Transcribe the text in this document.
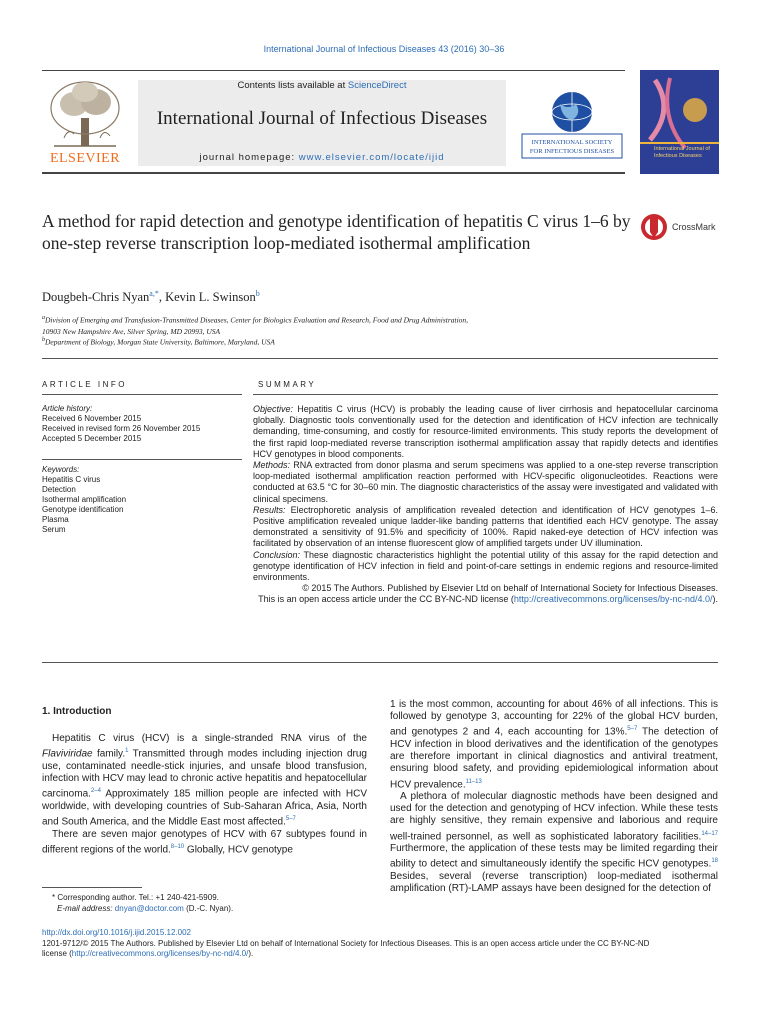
International Journal of Infectious Diseases 43 (2016) 30–36
ELSEVIER
Contents lists available at ScienceDirect
International Journal of Infectious Diseases
journal homepage: www.elsevier.com/locate/ijid
INTERNATIONAL SOCIETY
FOR INFECTIOUS DISEASES	International Journal of Infectious Diseases
A method for rapid detection and genotype identification of hepatitis C virus 1–6 by one-step reverse transcription loop-mediated isothermal amplification
CrossMark
Dougbeh-Chris Nyan$^{a,*}$, Kevin L. Swinson$^b$
$^a$Division of Emerging and Transfusion-Transmitted Diseases, Center for Biologics Evaluation and Research, Food and Drug Administration,
10903 New Hampshire Ave, Silver Spring, MD 20993, USA
$^b$Department of Biology, Morgan State University, Baltimore, Maryland, USA
ARTICLE INFO
Article history:
Received 6 November 2015
Received in revised form 26 November 2015
Accepted 5 December 2015
Keywords:
Hepatitis C virus
Detection
Isothermal amplification
Genotype identification
Plasma
Serum
SUMMARY

Objective: Hepatitis C virus (HCV) is probably the leading cause of liver cirrhosis and hepatocellular carcinoma globally. Diagnostic tools conventionally used for the detection and identification of HCV infection are technically demanding, time-consuming, and costly for resource-limited environments. This study reports the development of the first rapid loop-mediated reverse transcription isothermal amplification assay that rapidly detects and identifies HCV genotypes in blood components.

Methods: RNA extracted from donor plasma and serum specimens was applied to a one-step reverse transcription loop-mediated isothermal amplification reaction performed with HCV-specific oligonucleotides. Reactions were conducted at 63.5 °C for 30–60 min. The diagnostic characteristics of the assay were investigated and validated with clinical specimens.

Results: Electrophoretic analysis of amplification revealed detection and identification of HCV genotypes 1–6. Positive amplification revealed unique ladder-like banding patterns that identified each HCV genotype. The assay demonstrated a sensitivity of 91.5% and specificity of 100%. Rapid naked-eye detection of HCV infection was facilitated by observation of an intense fluorescent glow of amplified targets under UV illumination.

Conclusion: These diagnostic characteristics highlight the potential utility of this assay for the rapid detection and genotype identification of HCV infection in field and point-of-care settings in endemic regions and resource-limited environments.

© 2015 The Authors. Published by Elsevier Ltd on behalf of International Society for Infectious Diseases.
This is an open access article under the CC BY-NC-ND license (http://creativecommons.org/licenses/by-nc-nd/4.0/).

1. Introduction

Hepatitis C virus (HCV) is a single-stranded RNA virus of the Flaviviridae family.$^1$ Transmitted through modes including injection drug use, contaminated needle-stick injuries, and unsafe blood transfusion, infection with HCV may lead to chronic active hepatitis and hepatocellular carcinoma.$^{2-4}$ Approximately 185 million people are infected with HCV worldwide, with developing countries of Sub-Saharan Africa, Asia, North and South America, and the Middle East most affected.$^{5-7}$

There are seven major genotypes of HCV with 67 subtypes found in different regions of the world.$^{8-10}$ Globally, HCV genotype

* Corresponding author. Tel.: +1 240-421-5909.
E-mail address: dnyan@doctor.com (D.-C. Nyan).

1 is the most common, accounting for about 46% of all infections. This is followed by genotype 3, accounting for 22% of the global HCV burden, and genotypes 2 and 4, each accounting for 13%.$^{5-7}$ The detection of HCV infection in blood derivatives and the identification of the genotypes are therefore important in clinical diagnostics and antiviral treatment, ensuring blood safety, and providing epidemiological information about HCV prevalence.$^{11-13}$

A plethora of molecular diagnostic methods have been designed and used for the detection and genotyping of HCV infection. While these tests are highly sensitive, they remain expensive and laborious and require well-trained personnel, as well as sophisticated laboratory facilities.$^{14-17}$ Furthermore, the application of these tests may be limited regarding their ability to detect and simultaneously identify the specific HCV genotypes.$^{18}$ Besides, several (reverse transcription) loop-mediated isothermal amplification (RT)-LAMP assays have been designed for the detection of

http://dx.doi.org/10.1016/j.ijid.2015.12.002
1201-9712/© 2015 The Authors. Published by Elsevier Ltd on behalf of International Society for Infectious Diseases. This is an open access article under the CC BY-NC-ND
license (http://creativecommons.org/licenses/by-nc-nd/4.0/).
